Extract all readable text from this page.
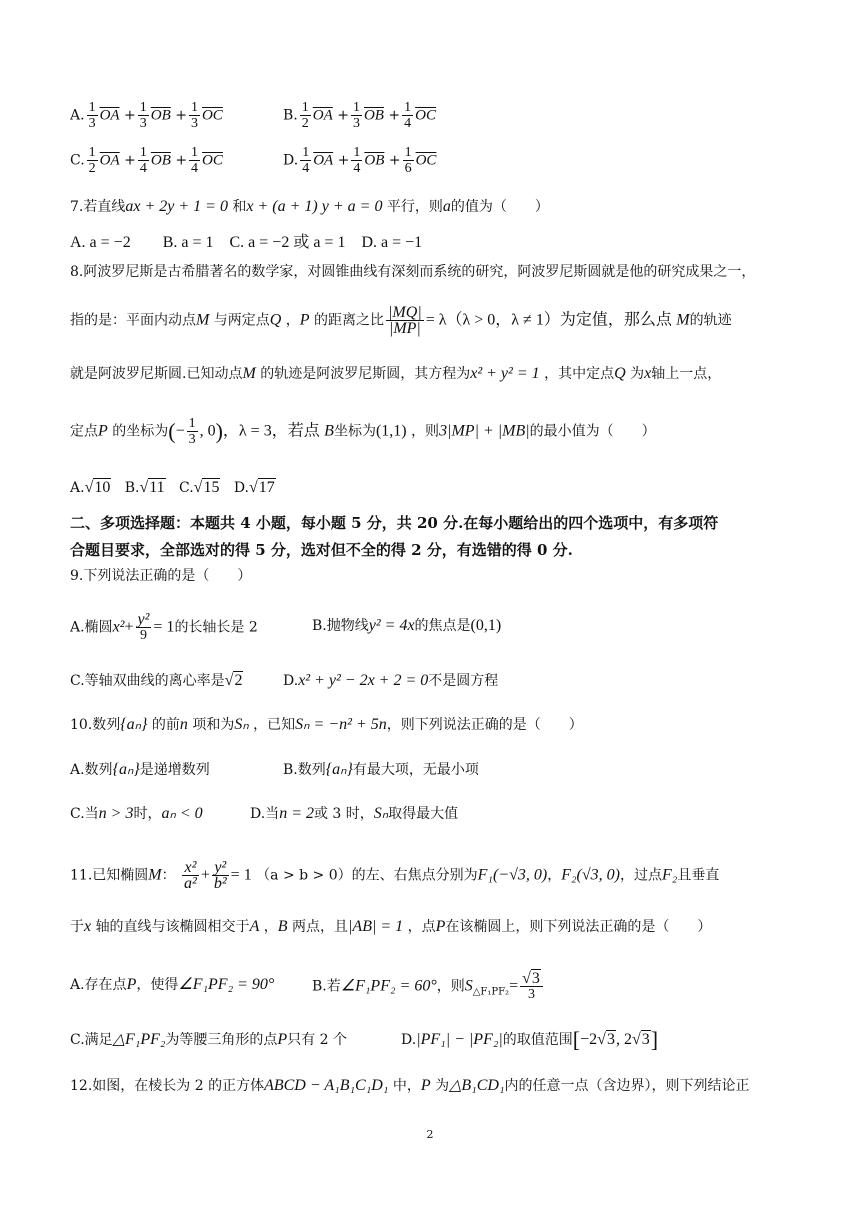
A. $\frac{1}{3} \overline{OA} + \frac{1}{3} \overline{OB} + \frac{1}{3} \overline{OC}$	B. $\frac{1}{2} \overline{OA} + \frac{1}{3} \overline{OB} + \frac{1}{4} \overline{OC}$
C. $\frac{1}{2} \overline{OA} + \frac{1}{4} \overline{OB} + \frac{1}{4} \overline{OC}$	D. $\frac{1}{4} \overline{OA} + \frac{1}{4} \overline{OB} + \frac{1}{6} \overline{OC}$
7.若直线ax + 2y + 1 = 0 和x + (a + 1) y + a = 0 平行，则a的值为（　　）
A. a = −2　　B. a = 1　C. a = −2 或 a = 1　D. a = −1
8.阿波罗尼斯是古希腊著名的数学家，对圆锥曲线有深刻而系统的研究，阿波罗尼斯圆就是他的研究成果之一，
指的是：平面内动点M 与两定点Q ，P 的距离之比 $\frac{|MQ|}{|MP|} = \lambda(\lambda > 0$，λ ≠ 1）为定值，那么点 M的轨迹
就是阿波罗尼斯圆.已知动点M 的轨迹是阿波罗尼斯圆，其方程为x² + y² = 1 ，其中定点Q 为x轴上一点，
定点P 的坐标为(− $\frac{1}{3}$ , 0)，λ = 3，若点 B坐标为(1,1) ，则3|MP| + |MB|的最小值为（　　）
A.√10 B.√11 C.√15 D.√17
二、多项选择题：本题共 4 小题，每小题 5 分，共 20 分.在每小题给出的四个选项中，有多项符
合题目要求，全部选对的得 5 分，选对但不全的得 2 分，有选错的得 0 分.
9.下列说法正确的是（　　）
A.椭圆$x^2+ \frac{\text{y²}}{9} = 1$的长轴长是 2	B.抛物线y² = 4x的焦点是(0,1)
C.等轴双曲线的离心率是√2	D.x² + y² − 2x + 2 = 0不是圆方程
10.数列{aₙ} 的前n 项和为Sₙ ，已知Sₙ = −n² + 5n，则下列说法正确的是（　　）
A.数列{aₙ}是递增数列	B.数列{aₙ}有最大项，无最小项
C.当n > 3时，aₙ < 0	D.当n = 2或 3 时，Sₙ取得最大值
11.已知椭圆M： $\frac{\text{x²}}{\text{a²}} + \frac{\text{y²}}{\text{b²}} = 1$ （a > b > 0）的左、右焦点分别为F₁(−√3, 0)，F₂(√3, 0)，过点F₂且垂直
于x 轴的直线与该椭圆相交于A ，B 两点，且|AB| = 1 ，点P在该椭圆上，则下列说法正确的是（　　）
A.存在点P，使得∠F₁PF₂ = 90°	B.若∠F₁PF₂ = 60°，则$S_{\triangle F_1PF_2}= \frac{√3}{3}$
C.满足△F₁PF₂为等腰三角形的点P只有 2 个	D.|PF₁| − |PF₂|的取值范围[−2√3, 2√3]
12.如图，在棱长为 2 的正方体ABCD − A₁B₁C₁D₁ 中，P 为△B₁CD₁内的任意一点（含边界），则下列结论正
2
